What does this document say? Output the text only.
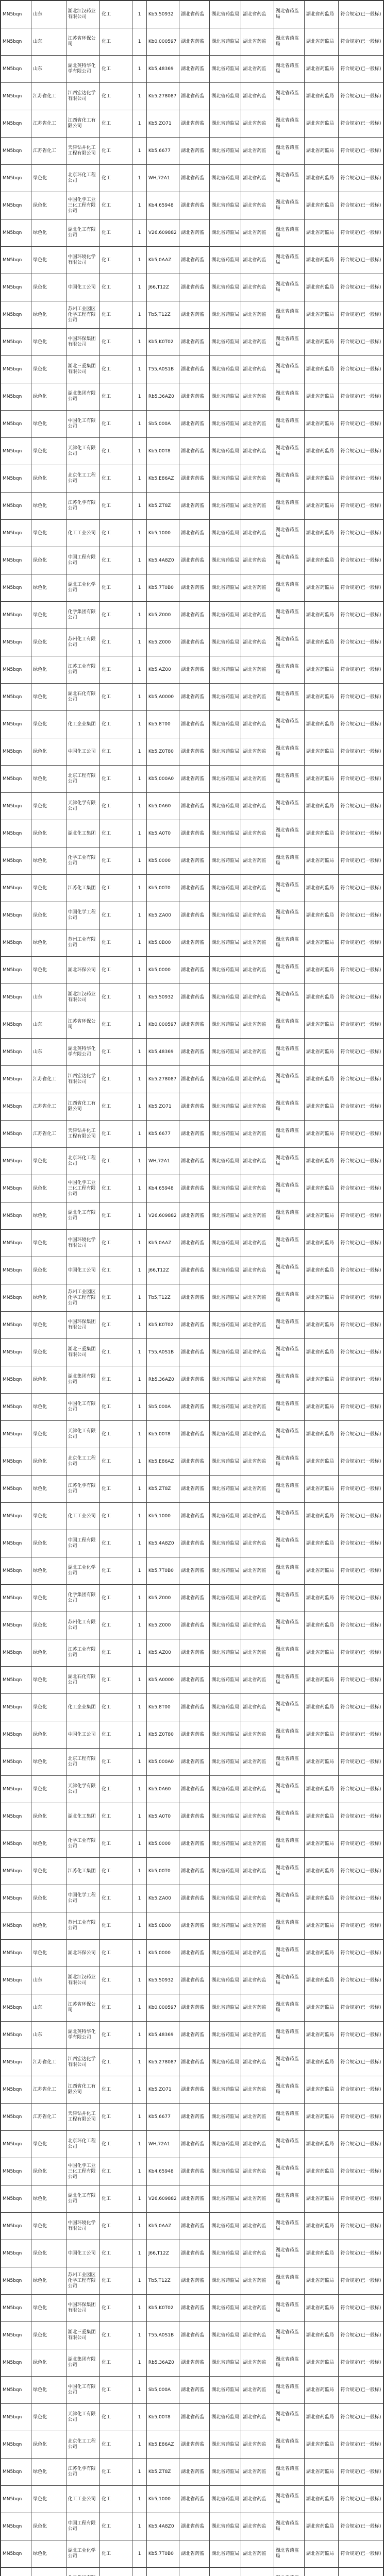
MN5bqn	山东	湖北江汉药业有限公司	化工	1	Kb5,50932	湖北省药监	湖北省药监局	湖北省药监	湖北省药监局	湖北省药监局	符合规定(已一般标)
MN5bqn	山东	江苏省环保公司	化工	1	Kb0,000597	湖北省药监	湖北省药监局	湖北省药监	湖北省药监局	湖北省药监局	符合规定(已一般标)
MN5bqn	山东	湖北英特华化学有限公司	化工	1	Kb5,48369	湖北省药监	湖北省药监局	湖北省药监	湖北省药监局	湖北省药监局	符合规定(已一般标)
MN5bqn	江苏省化工	江西宏达化学有限公司	化工	1	Kb5,278087	湖北省药监	湖北省药监局	湖北省药监	湖北省药监局	湖北省药监局	符合规定(已一般标)
MN5bqn	江苏省化工	江西省化工有限公司	化工	1	Kb5,ZO71	湖北省药监	湖北省药监局	湖北省药监	湖北省药监局	湖北省药监局	符合规定(已一般标)
MN5bqn	江苏省化工	天津钻井化工工程有限公司	化工	1	Kb5,6677	湖北省药监	湖北省药监局	湖北省药监	湖北省药监局	湖北省药监局	符合规定(已一般标)
MN5bqn	绿色化	北京环化工程公司	化工	1	WH,72A1	湖北省药监	湖北省药监局	湖北省药监	湖北省药监局	湖北省药监局	符合规定(已一般标)
MN5bqn	绿色化	中国化学工业三化工程有限公司	化工	1	Kb4,65948	湖北省药监	湖北省药监局	湖北省药监	湖北省药监局	湖北省药监局	符合规定(已一般标)
MN5bqn	绿色化	湖北化工有限公司	化工	1	V26,609882	湖北省药监	湖北省药监局	湖北省药监	湖北省药监局	湖北省药监局	符合规定(已一般标)
MN5bqn	绿色化	中国环境化学有限公司	化工	1	Kb5,0AAZ	湖北省药监	湖北省药监局	湖北省药监	湖北省药监局	湖北省药监局	符合规定(已一般标)
MN5bqn	绿色化	中国化工公司	化工	1	J66,T12Z	湖北省药监	湖北省药监局	湖北省药监	湖北省药监局	湖北省药监局	符合规定(已一般标)
MN5bqn	绿色化	苏州工业园区化学工程有限公司	化工	1	Tb5,T12Z	湖北省药监	湖北省药监局	湖北省药监	湖北省药监局	湖北省药监局	符合规定(已一般标)
MN5bqn	绿色化	中国环保集团有限公司	化工	1	Kb5,K0T02	湖北省药监	湖北省药监局	湖北省药监	湖北省药监局	湖北省药监局	符合规定(已一般标)
MN5bqn	绿色化	湖北三爱集团有限公司	化工	1	T55,A0S1B	湖北省药监	湖北省药监局	湖北省药监	湖北省药监局	湖北省药监局	符合规定(已一般标)
MN5bqn	绿色化	湖北集团有限公司	化工	1	Rb5,36AZ0	湖北省药监	湖北省药监局	湖北省药监	湖北省药监局	湖北省药监局	符合规定(已一般标)
MN5bqn	绿色化	中国化工有限公司	化工	1	Sb5,000A	湖北省药监	湖北省药监局	湖北省药监	湖北省药监局	湖北省药监局	符合规定(已一般标)
MN5bqn	绿色化	天津化工有限公司	化工	1	Kb5,00T8	湖北省药监	湖北省药监局	湖北省药监	湖北省药监局	湖北省药监局	符合规定(已一般标)
MN5bqn	绿色化	北京化工工程公司	化工	1	Kb5,E86AZ	湖北省药监	湖北省药监局	湖北省药监	湖北省药监局	湖北省药监局	符合规定(已一般标)
MN5bqn	绿色化	江苏化学有限公司	化工	1	Kb5,ZT8Z	湖北省药监	湖北省药监局	湖北省药监	湖北省药监局	湖北省药监局	符合规定(已一般标)
MN5bqn	绿色化	化工工业公司	化工	1	Kb5,1000	湖北省药监	湖北省药监局	湖北省药监	湖北省药监局	湖北省药监局	符合规定(已一般标)
MN5bqn	绿色化	中国工程有限公司	化工	1	Kb5,4A8Z0	湖北省药监	湖北省药监局	湖北省药监	湖北省药监局	湖北省药监局	符合规定(已一般标)
MN5bqn	绿色化	湖北工业化学公司	化工	1	Kb5,7T0B0	湖北省药监	湖北省药监局	湖北省药监	湖北省药监局	湖北省药监局	符合规定(已一般标)
MN5bqn	绿色化	化学集团有限公司	化工	1	Kb5,Z000	湖北省药监	湖北省药监局	湖北省药监	湖北省药监局	湖北省药监局	符合规定(已一般标)
MN5bqn	绿色化	苏州化工有限公司	化工	1	Kb5,Z000	湖北省药监	湖北省药监局	湖北省药监	湖北省药监局	湖北省药监局	符合规定(已一般标)
MN5bqn	绿色化	江苏工业有限公司	化工	1	Kb5,AZ00	湖北省药监	湖北省药监局	湖北省药监	湖北省药监局	湖北省药监局	符合规定(已一般标)
MN5bqn	绿色化	湖北石化有限公司	化工	1	Kb5,A0000	湖北省药监	湖北省药监局	湖北省药监	湖北省药监局	湖北省药监局	符合规定(已一般标)
MN5bqn	绿色化	化工企业集团	化工	1	Kb5,8T00	湖北省药监	湖北省药监局	湖北省药监	湖北省药监局	湖北省药监局	符合规定(已一般标)
MN5bqn	绿色化	中国化工公司	化工	1	Kb5,Z0T80	湖北省药监	湖北省药监局	湖北省药监	湖北省药监局	湖北省药监局	符合规定(已一般标)
MN5bqn	绿色化	北京工程有限公司	化工	1	Kb5,000A0	湖北省药监	湖北省药监局	湖北省药监	湖北省药监局	湖北省药监局	符合规定(已一般标)
MN5bqn	绿色化	天津化学有限公司	化工	1	Kb5,0A60	湖北省药监	湖北省药监局	湖北省药监	湖北省药监局	湖北省药监局	符合规定(已一般标)
MN5bqn	绿色化	湖北化工集团	化工	1	Kb5,A0T0	湖北省药监	湖北省药监局	湖北省药监	湖北省药监局	湖北省药监局	符合规定(已一般标)
MN5bqn	绿色化	化学工业有限公司	化工	1	Kb5,0000	湖北省药监	湖北省药监局	湖北省药监	湖北省药监局	湖北省药监局	符合规定(已一般标)
MN5bqn	绿色化	江苏化工集团	化工	1	Kb5,00T0	湖北省药监	湖北省药监局	湖北省药监	湖北省药监局	湖北省药监局	符合规定(已一般标)
MN5bqn	绿色化	中国化学工程公司	化工	1	Kb5,ZA00	湖北省药监	湖北省药监局	湖北省药监	湖北省药监局	湖北省药监局	符合规定(已一般标)
MN5bqn	绿色化	苏州工业有限公司	化工	1	Kb5,0B00	湖北省药监	湖北省药监局	湖北省药监	湖北省药监局	湖北省药监局	符合规定(已一般标)
MN5bqn	绿色化	湖北环保公司	化工	1	Kb5,0000	湖北省药监	湖北省药监局	湖北省药监	湖北省药监局	湖北省药监局	符合规定(已一般标)
MN5bqn	山东	湖北江汉药业有限公司	化工	1	Kb5,50932	湖北省药监	湖北省药监局	湖北省药监	湖北省药监局	湖北省药监局	符合规定(已一般标)
MN5bqn	山东	江苏省环保公司	化工	1	Kb0,000597	湖北省药监	湖北省药监局	湖北省药监	湖北省药监局	湖北省药监局	符合规定(已一般标)
MN5bqn	山东	湖北英特华化学有限公司	化工	1	Kb5,48369	湖北省药监	湖北省药监局	湖北省药监	湖北省药监局	湖北省药监局	符合规定(已一般标)
MN5bqn	江苏省化工	江西宏达化学有限公司	化工	1	Kb5,278087	湖北省药监	湖北省药监局	湖北省药监	湖北省药监局	湖北省药监局	符合规定(已一般标)
MN5bqn	江苏省化工	江西省化工有限公司	化工	1	Kb5,ZO71	湖北省药监	湖北省药监局	湖北省药监	湖北省药监局	湖北省药监局	符合规定(已一般标)
MN5bqn	江苏省化工	天津钻井化工工程有限公司	化工	1	Kb5,6677	湖北省药监	湖北省药监局	湖北省药监	湖北省药监局	湖北省药监局	符合规定(已一般标)
MN5bqn	绿色化	北京环化工程公司	化工	1	WH,72A1	湖北省药监	湖北省药监局	湖北省药监	湖北省药监局	湖北省药监局	符合规定(已一般标)
MN5bqn	绿色化	中国化学工业三化工程有限公司	化工	1	Kb4,65948	湖北省药监	湖北省药监局	湖北省药监	湖北省药监局	湖北省药监局	符合规定(已一般标)
MN5bqn	绿色化	湖北化工有限公司	化工	1	V26,609882	湖北省药监	湖北省药监局	湖北省药监	湖北省药监局	湖北省药监局	符合规定(已一般标)
MN5bqn	绿色化	中国环境化学有限公司	化工	1	Kb5,0AAZ	湖北省药监	湖北省药监局	湖北省药监	湖北省药监局	湖北省药监局	符合规定(已一般标)
MN5bqn	绿色化	中国化工公司	化工	1	J66,T12Z	湖北省药监	湖北省药监局	湖北省药监	湖北省药监局	湖北省药监局	符合规定(已一般标)
MN5bqn	绿色化	苏州工业园区化学工程有限公司	化工	1	Tb5,T12Z	湖北省药监	湖北省药监局	湖北省药监	湖北省药监局	湖北省药监局	符合规定(已一般标)
MN5bqn	绿色化	中国环保集团有限公司	化工	1	Kb5,K0T02	湖北省药监	湖北省药监局	湖北省药监	湖北省药监局	湖北省药监局	符合规定(已一般标)
MN5bqn	绿色化	湖北三爱集团有限公司	化工	1	T55,A0S1B	湖北省药监	湖北省药监局	湖北省药监	湖北省药监局	湖北省药监局	符合规定(已一般标)
MN5bqn	绿色化	湖北集团有限公司	化工	1	Rb5,36AZ0	湖北省药监	湖北省药监局	湖北省药监	湖北省药监局	湖北省药监局	符合规定(已一般标)
MN5bqn	绿色化	中国化工有限公司	化工	1	Sb5,000A	湖北省药监	湖北省药监局	湖北省药监	湖北省药监局	湖北省药监局	符合规定(已一般标)
MN5bqn	绿色化	天津化工有限公司	化工	1	Kb5,00T8	湖北省药监	湖北省药监局	湖北省药监	湖北省药监局	湖北省药监局	符合规定(已一般标)
MN5bqn	绿色化	北京化工工程公司	化工	1	Kb5,E86AZ	湖北省药监	湖北省药监局	湖北省药监	湖北省药监局	湖北省药监局	符合规定(已一般标)
MN5bqn	绿色化	江苏化学有限公司	化工	1	Kb5,ZT8Z	湖北省药监	湖北省药监局	湖北省药监	湖北省药监局	湖北省药监局	符合规定(已一般标)
MN5bqn	绿色化	化工工业公司	化工	1	Kb5,1000	湖北省药监	湖北省药监局	湖北省药监	湖北省药监局	湖北省药监局	符合规定(已一般标)
MN5bqn	绿色化	中国工程有限公司	化工	1	Kb5,4A8Z0	湖北省药监	湖北省药监局	湖北省药监	湖北省药监局	湖北省药监局	符合规定(已一般标)
MN5bqn	绿色化	湖北工业化学公司	化工	1	Kb5,7T0B0	湖北省药监	湖北省药监局	湖北省药监	湖北省药监局	湖北省药监局	符合规定(已一般标)
MN5bqn	绿色化	化学集团有限公司	化工	1	Kb5,Z000	湖北省药监	湖北省药监局	湖北省药监	湖北省药监局	湖北省药监局	符合规定(已一般标)
MN5bqn	绿色化	苏州化工有限公司	化工	1	Kb5,Z000	湖北省药监	湖北省药监局	湖北省药监	湖北省药监局	湖北省药监局	符合规定(已一般标)
MN5bqn	绿色化	江苏工业有限公司	化工	1	Kb5,AZ00	湖北省药监	湖北省药监局	湖北省药监	湖北省药监局	湖北省药监局	符合规定(已一般标)
MN5bqn	绿色化	湖北石化有限公司	化工	1	Kb5,A0000	湖北省药监	湖北省药监局	湖北省药监	湖北省药监局	湖北省药监局	符合规定(已一般标)
MN5bqn	绿色化	化工企业集团	化工	1	Kb5,8T00	湖北省药监	湖北省药监局	湖北省药监	湖北省药监局	湖北省药监局	符合规定(已一般标)
MN5bqn	绿色化	中国化工公司	化工	1	Kb5,Z0T80	湖北省药监	湖北省药监局	湖北省药监	湖北省药监局	湖北省药监局	符合规定(已一般标)
MN5bqn	绿色化	北京工程有限公司	化工	1	Kb5,000A0	湖北省药监	湖北省药监局	湖北省药监	湖北省药监局	湖北省药监局	符合规定(已一般标)
MN5bqn	绿色化	天津化学有限公司	化工	1	Kb5,0A60	湖北省药监	湖北省药监局	湖北省药监	湖北省药监局	湖北省药监局	符合规定(已一般标)
MN5bqn	绿色化	湖北化工集团	化工	1	Kb5,A0T0	湖北省药监	湖北省药监局	湖北省药监	湖北省药监局	湖北省药监局	符合规定(已一般标)
MN5bqn	绿色化	化学工业有限公司	化工	1	Kb5,0000	湖北省药监	湖北省药监局	湖北省药监	湖北省药监局	湖北省药监局	符合规定(已一般标)
MN5bqn	绿色化	江苏化工集团	化工	1	Kb5,00T0	湖北省药监	湖北省药监局	湖北省药监	湖北省药监局	湖北省药监局	符合规定(已一般标)
MN5bqn	绿色化	中国化学工程公司	化工	1	Kb5,ZA00	湖北省药监	湖北省药监局	湖北省药监	湖北省药监局	湖北省药监局	符合规定(已一般标)
MN5bqn	绿色化	苏州工业有限公司	化工	1	Kb5,0B00	湖北省药监	湖北省药监局	湖北省药监	湖北省药监局	湖北省药监局	符合规定(已一般标)
MN5bqn	绿色化	湖北环保公司	化工	1	Kb5,0000	湖北省药监	湖北省药监局	湖北省药监	湖北省药监局	湖北省药监局	符合规定(已一般标)
MN5bqn	山东	湖北江汉药业有限公司	化工	1	Kb5,50932	湖北省药监	湖北省药监局	湖北省药监	湖北省药监局	湖北省药监局	符合规定(已一般标)
MN5bqn	山东	江苏省环保公司	化工	1	Kb0,000597	湖北省药监	湖北省药监局	湖北省药监	湖北省药监局	湖北省药监局	符合规定(已一般标)
MN5bqn	山东	湖北英特华化学有限公司	化工	1	Kb5,48369	湖北省药监	湖北省药监局	湖北省药监	湖北省药监局	湖北省药监局	符合规定(已一般标)
MN5bqn	江苏省化工	江西宏达化学有限公司	化工	1	Kb5,278087	湖北省药监	湖北省药监局	湖北省药监	湖北省药监局	湖北省药监局	符合规定(已一般标)
MN5bqn	江苏省化工	江西省化工有限公司	化工	1	Kb5,ZO71	湖北省药监	湖北省药监局	湖北省药监	湖北省药监局	湖北省药监局	符合规定(已一般标)
MN5bqn	江苏省化工	天津钻井化工工程有限公司	化工	1	Kb5,6677	湖北省药监	湖北省药监局	湖北省药监	湖北省药监局	湖北省药监局	符合规定(已一般标)
MN5bqn	绿色化	北京环化工程公司	化工	1	WH,72A1	湖北省药监	湖北省药监局	湖北省药监	湖北省药监局	湖北省药监局	符合规定(已一般标)
MN5bqn	绿色化	中国化学工业三化工程有限公司	化工	1	Kb4,65948	湖北省药监	湖北省药监局	湖北省药监	湖北省药监局	湖北省药监局	符合规定(已一般标)
MN5bqn	绿色化	湖北化工有限公司	化工	1	V26,609882	湖北省药监	湖北省药监局	湖北省药监	湖北省药监局	湖北省药监局	符合规定(已一般标)
MN5bqn	绿色化	中国环境化学有限公司	化工	1	Kb5,0AAZ	湖北省药监	湖北省药监局	湖北省药监	湖北省药监局	湖北省药监局	符合规定(已一般标)
MN5bqn	绿色化	中国化工公司	化工	1	J66,T12Z	湖北省药监	湖北省药监局	湖北省药监	湖北省药监局	湖北省药监局	符合规定(已一般标)
MN5bqn	绿色化	苏州工业园区化学工程有限公司	化工	1	Tb5,T12Z	湖北省药监	湖北省药监局	湖北省药监	湖北省药监局	湖北省药监局	符合规定(已一般标)
MN5bqn	绿色化	中国环保集团有限公司	化工	1	Kb5,K0T02	湖北省药监	湖北省药监局	湖北省药监	湖北省药监局	湖北省药监局	符合规定(已一般标)
MN5bqn	绿色化	湖北三爱集团有限公司	化工	1	T55,A0S1B	湖北省药监	湖北省药监局	湖北省药监	湖北省药监局	湖北省药监局	符合规定(已一般标)
MN5bqn	绿色化	湖北集团有限公司	化工	1	Rb5,36AZ0	湖北省药监	湖北省药监局	湖北省药监	湖北省药监局	湖北省药监局	符合规定(已一般标)
MN5bqn	绿色化	中国化工有限公司	化工	1	Sb5,000A	湖北省药监	湖北省药监局	湖北省药监	湖北省药监局	湖北省药监局	符合规定(已一般标)
MN5bqn	绿色化	天津化工有限公司	化工	1	Kb5,00T8	湖北省药监	湖北省药监局	湖北省药监	湖北省药监局	湖北省药监局	符合规定(已一般标)
MN5bqn	绿色化	北京化工工程公司	化工	1	Kb5,E86AZ	湖北省药监	湖北省药监局	湖北省药监	湖北省药监局	湖北省药监局	符合规定(已一般标)
MN5bqn	绿色化	江苏化学有限公司	化工	1	Kb5,ZT8Z	湖北省药监	湖北省药监局	湖北省药监	湖北省药监局	湖北省药监局	符合规定(已一般标)
MN5bqn	绿色化	化工工业公司	化工	1	Kb5,1000	湖北省药监	湖北省药监局	湖北省药监	湖北省药监局	湖北省药监局	符合规定(已一般标)
MN5bqn	绿色化	中国工程有限公司	化工	1	Kb5,4A8Z0	湖北省药监	湖北省药监局	湖北省药监	湖北省药监局	湖北省药监局	符合规定(已一般标)
MN5bqn	绿色化	湖北工业化学公司	化工	1	Kb5,7T0B0	湖北省药监	湖北省药监局	湖北省药监	湖北省药监局	湖北省药监局	符合规定(已一般标)
